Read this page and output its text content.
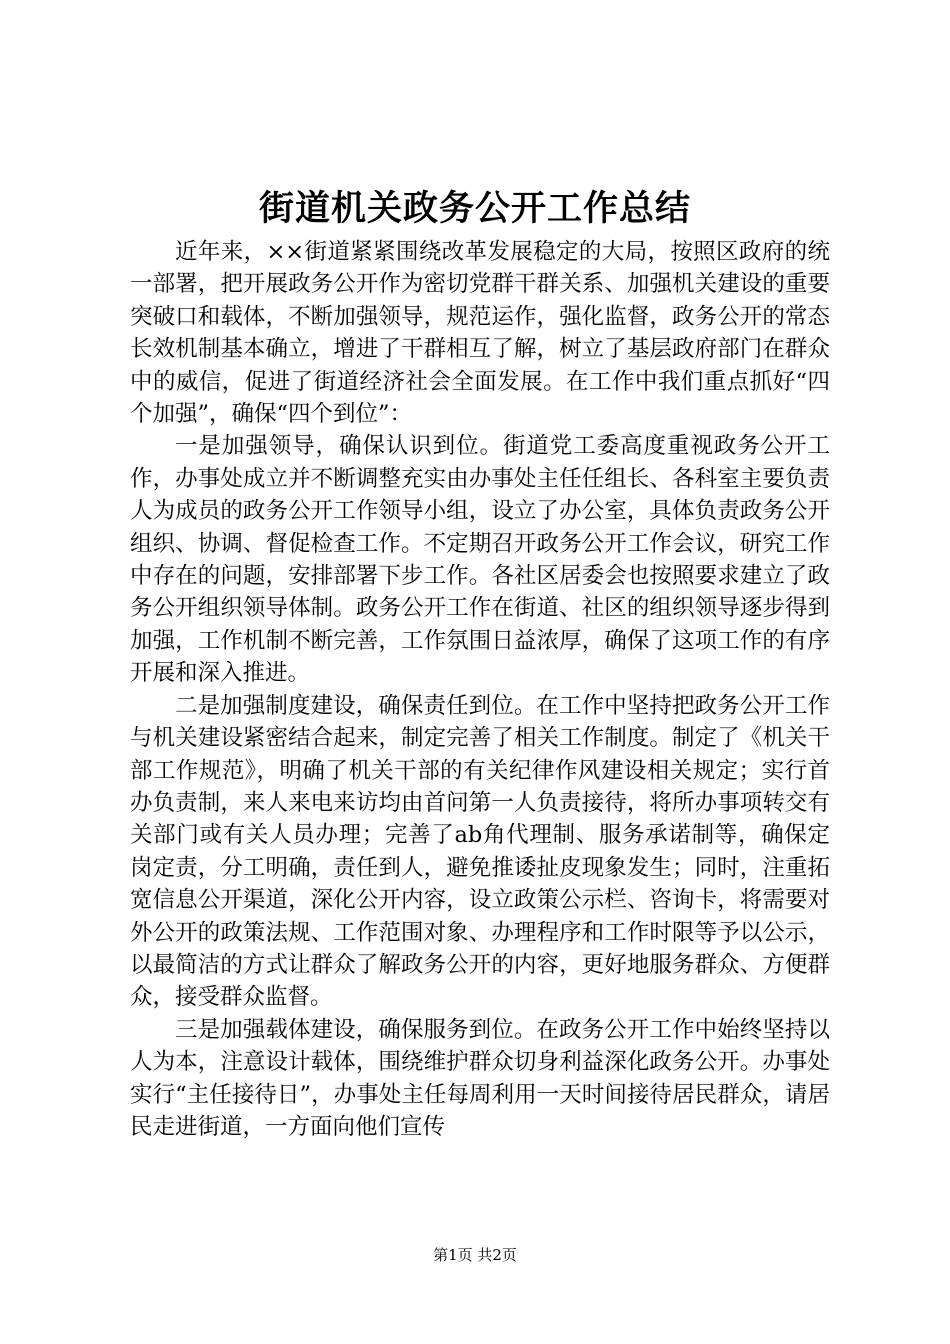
街道机关政务公开工作总结

近年来，××街道紧紧围绕改革发展稳定的大局，按照区政府的统一部署，把开展政务公开作为密切党群干群关系、加强机关建设的重要突破口和载体，不断加强领导，规范运作，强化监督，政务公开的常态长效机制基本确立，增进了干群相互了解，树立了基层政府部门在群众中的威信，促进了街道经济社会全面发展。在工作中我们重点抓好“四个加强”，确保“四个到位”：

一是加强领导，确保认识到位。街道党工委高度重视政务公开工作，办事处成立并不断调整充实由办事处主任任组长、各科室主要负责人为成员的政务公开工作领导小组，设立了办公室，具体负责政务公开组织、协调、督促检查工作。不定期召开政务公开工作会议，研究工作中存在的问题，安排部署下步工作。各社区居委会也按照要求建立了政务公开组织领导体制。政务公开工作在街道、社区的组织领导逐步得到加强，工作机制不断完善，工作氛围日益浓厚，确保了这项工作的有序开展和深入推进。

二是加强制度建设，确保责任到位。在工作中坚持把政务公开工作与机关建设紧密结合起来，制定完善了相关工作制度。制定了《机关干部工作规范》，明确了机关干部的有关纪律作风建设相关规定；实行首办负责制，来人来电来访均由首问第一人负责接待，将所办事项转交有关部门或有关人员办理；完善了ab角代理制、服务承诺制等，确保定岗定责，分工明确，责任到人，避免推诿扯皮现象发生；同时，注重拓宽信息公开渠道，深化公开内容，设立政策公示栏、咨询卡，将需要对外公开的政策法规、工作范围对象、办理程序和工作时限等予以公示，以最简洁的方式让群众了解政务公开的内容，更好地服务群众、方便群众，接受群众监督。

三是加强载体建设，确保服务到位。在政务公开工作中始终坚持以人为本，注意设计载体，围绕维护群众切身利益深化政务公开。办事处实行“主任接待日”，办事处主任每周利用一天时间接待居民群众，请居民走进街道，一方面向他们宣传

第1页 共2页
